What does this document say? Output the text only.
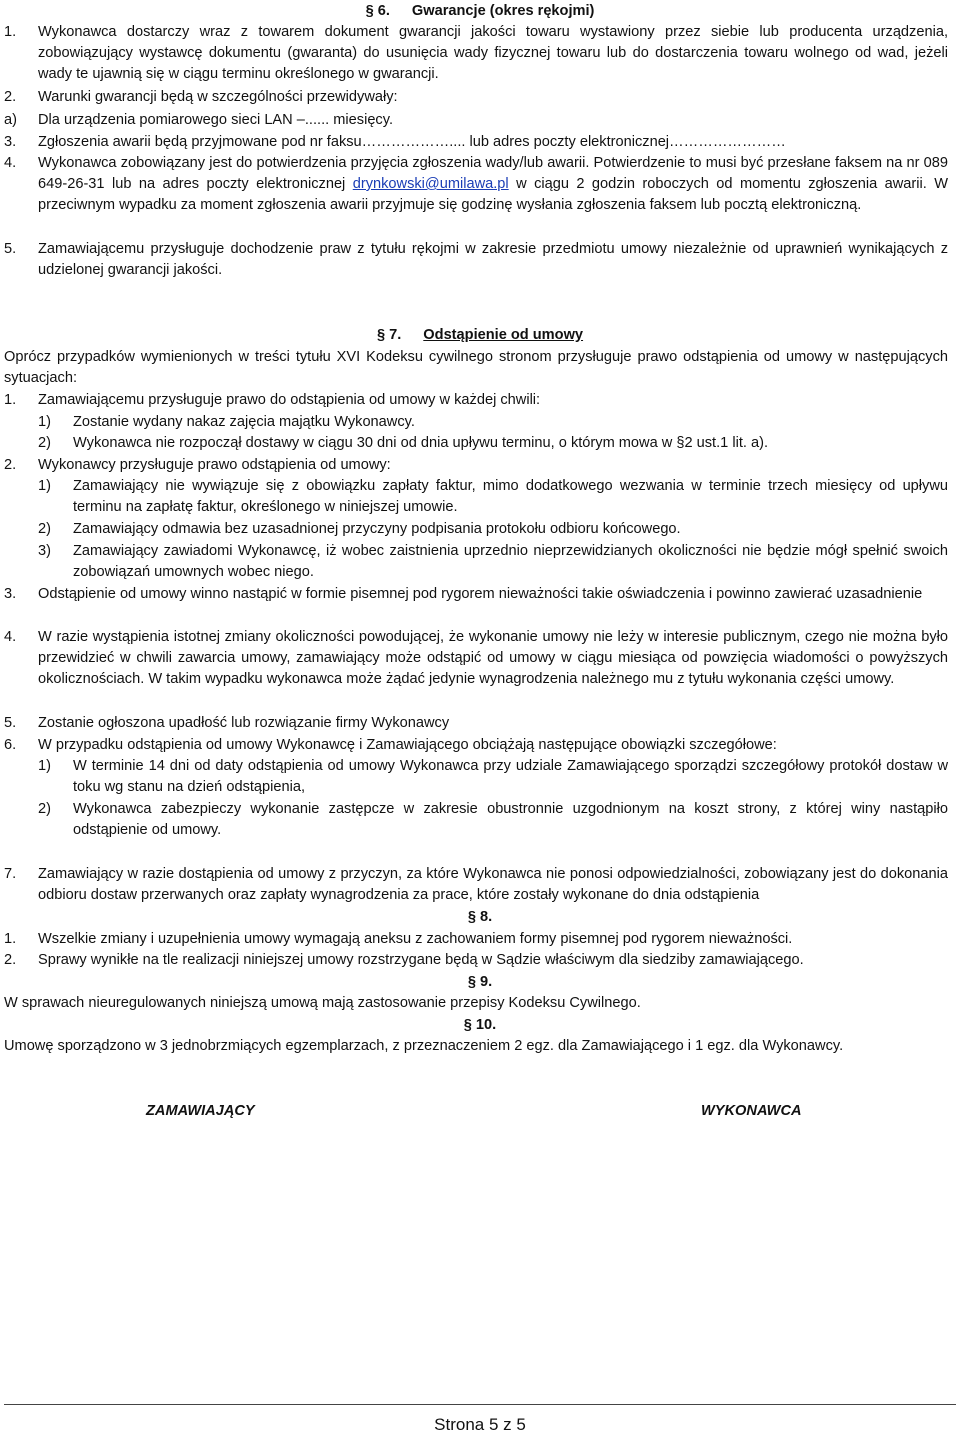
§ 6. Gwarancje (okres rękojmi)
1. Wykonawca dostarczy wraz z towarem dokument gwarancji jakości towaru wystawiony przez siebie lub producenta urządzenia, zobowiązujący wystawcę dokumentu (gwaranta) do usunięcia wady fizycznej towaru lub do dostarczenia towaru wolnego od wad, jeżeli wady te ujawnią się w ciągu terminu określonego w gwarancji.
2. Warunki gwarancji będą w szczególności przewidywały:
a) Dla urządzenia pomiarowego sieci LAN –...... miesięcy.
3. Zgłoszenia awarii będą przyjmowane pod nr faksu……………….... lub adres poczty elektronicznej……………………
4. Wykonawca zobowiązany jest do potwierdzenia przyjęcia zgłoszenia wady/lub awarii. Potwierdzenie to musi być przesłane faksem na nr 089 649-26-31 lub na adres poczty elektronicznej drynkowski@umilawa.pl w ciągu 2 godzin roboczych od momentu zgłoszenia awarii. W przeciwnym wypadku za moment zgłoszenia awarii przyjmuje się godzinę wysłania zgłoszenia faksem lub pocztą elektroniczną.
5. Zamawiającemu przysługuje dochodzenie praw z tytułu rękojmi w zakresie przedmiotu umowy niezależnie od uprawnień wynikających z udzielonej gwarancji jakości.
§ 7. Odstąpienie od umowy
Oprócz przypadków wymienionych w treści tytułu XVI Kodeksu cywilnego stronom przysługuje prawo odstąpienia od umowy w następujących sytuacjach:
1. Zamawiającemu przysługuje prawo do odstąpienia od umowy w każdej chwili:
1) Zostanie wydany nakaz zajęcia majątku Wykonawcy.
2) Wykonawca nie rozpoczął dostawy w ciągu 30 dni od dnia upływu terminu, o którym mowa w §2 ust.1 lit. a).
2. Wykonawcy przysługuje prawo odstąpienia od umowy:
1) Zamawiający nie wywiązuje się z obowiązku zapłaty faktur, mimo dodatkowego wezwania w terminie trzech miesięcy od upływu terminu na zapłatę faktur, określonego w niniejszej umowie.
2) Zamawiający odmawia bez uzasadnionej przyczyny podpisania protokołu odbioru końcowego.
3) Zamawiający zawiadomi Wykonawcę, iż wobec zaistnienia uprzednio nieprzewidzianych okoliczności nie będzie mógł spełnić swoich zobowiązań umownych wobec niego.
3. Odstąpienie od umowy winno nastąpić w formie pisemnej pod rygorem nieważności takie oświadczenia i powinno zawierać uzasadnienie
4. W razie wystąpienia istotnej zmiany okoliczności powodującej, że wykonanie umowy nie leży w interesie publicznym, czego nie można było przewidzieć w chwili zawarcia umowy, zamawiający może odstąpić od umowy w ciągu miesiąca od powzięcia wiadomości o powyższych okolicznościach. W takim wypadku wykonawca może żądać jedynie wynagrodzenia należnego mu z tytułu wykonania części umowy.
5. Zostanie ogłoszona upadłość lub rozwiązanie firmy Wykonawcy
6. W przypadku odstąpienia od umowy Wykonawcę i Zamawiającego obciążają następujące obowiązki szczegółowe:
1) W terminie 14 dni od daty odstąpienia od umowy Wykonawca przy udziale Zamawiającego sporządzi szczegółowy protokół dostaw w toku wg stanu na dzień odstąpienia,
2) Wykonawca zabezpieczy wykonanie zastępcze w zakresie obustronnie uzgodnionym na koszt strony, z której winy nastąpiło odstąpienie od umowy.
7. Zamawiający w razie dostąpienia od umowy z przyczyn, za które Wykonawca nie ponosi odpowiedzialności, zobowiązany jest do dokonania odbioru dostaw przerwanych oraz zapłaty wynagrodzenia za prace, które zostały wykonane do dnia odstąpienia
§ 8.
1. Wszelkie zmiany i uzupełnienia umowy wymagają aneksu z zachowaniem formy pisemnej pod rygorem nieważności.
2. Sprawy wynikłe na tle realizacji niniejszej umowy rozstrzygane będą w Sądzie właściwym dla siedziby zamawiającego.
§ 9.
W sprawach nieuregulowanych niniejszą umową mają zastosowanie przepisy Kodeksu Cywilnego.
§ 10.
Umowę sporządzono w 3 jednobrzmiących egzemplarzach, z przeznaczeniem 2 egz. dla Zamawiającego i 1 egz. dla Wykonawcy.
ZAMAWIAJĄCY	WYKONAWCA
Strona 5 z 5
